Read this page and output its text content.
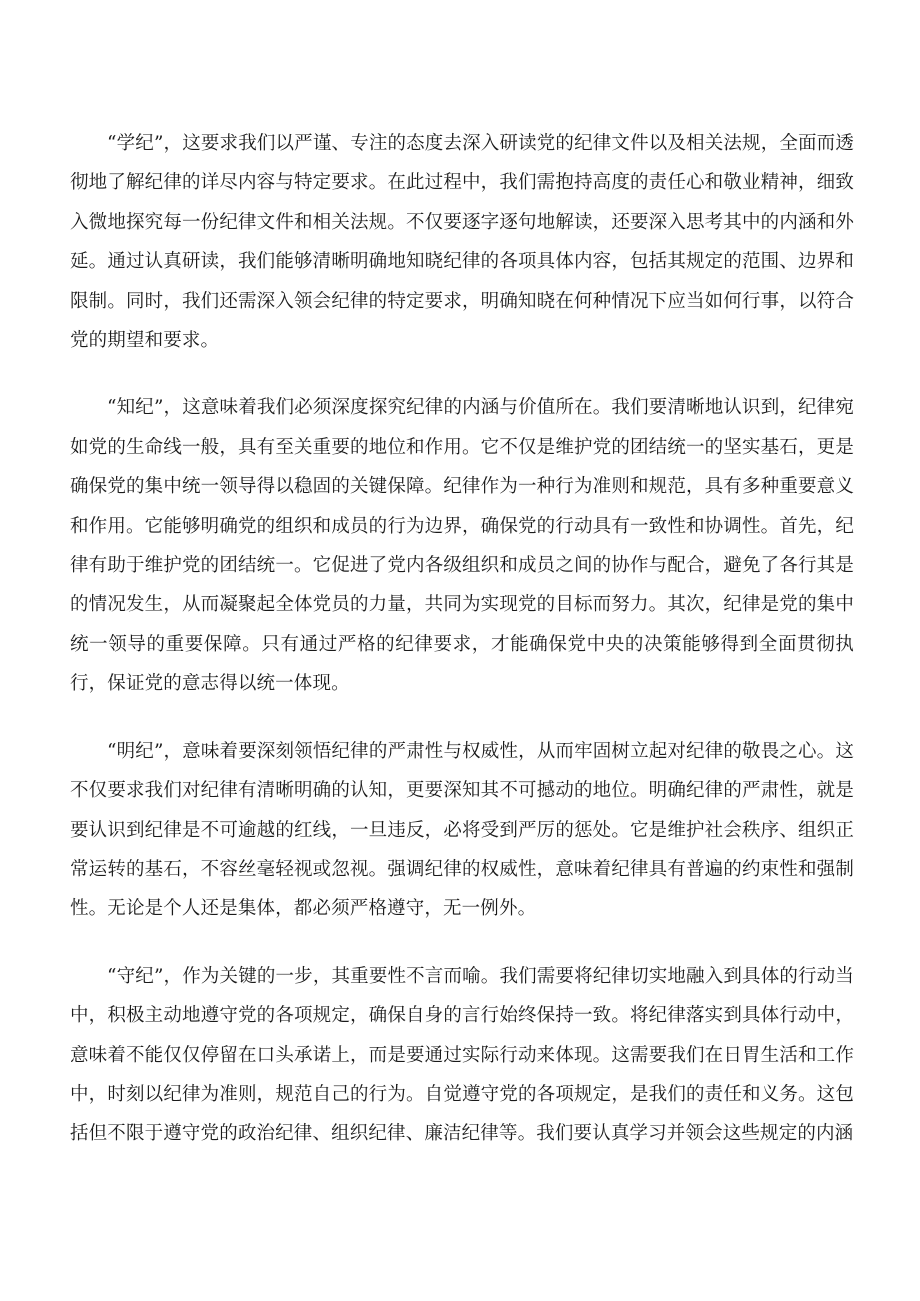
“学纪”，这要求我们以严谨、专注的态度去深入研读党的纪律文件以及相关法规，全面而透彻地了解纪律的详尽内容与特定要求。在此过程中，我们需抱持高度的责任心和敬业精神，细致入微地探究每一份纪律文件和相关法规。不仅要逐字逐句地解读，还要深入思考其中的内涵和外延。通过认真研读，我们能够清晰明确地知晓纪律的各项具体内容，包括其规定的范围、边界和限制。同时，我们还需深入领会纪律的特定要求，明确知晓在何种情况下应当如何行事，以符合党的期望和要求。

“知纪”，这意味着我们必须深度探究纪律的内涵与价值所在。我们要清晰地认识到，纪律宛如党的生命线一般，具有至关重要的地位和作用。它不仅是维护党的团结统一的坚实基石，更是确保党的集中统一领导得以稳固的关键保障。纪律作为一种行为准则和规范，具有多种重要意义和作用。它能够明确党的组织和成员的行为边界，确保党的行动具有一致性和协调性。首先，纪律有助于维护党的团结统一。它促进了党内各级组织和成员之间的协作与配合，避免了各行其是的情况发生，从而凝聚起全体党员的力量，共同为实现党的目标而努力。其次，纪律是党的集中统一领导的重要保障。只有通过严格的纪律要求，才能确保党中央的决策能够得到全面贯彻执行，保证党的意志得以统一体现。

“明纪”，意味着要深刻领悟纪律的严肃性与权威性，从而牢固树立起对纪律的敬畏之心。这不仅要求我们对纪律有清晰明确的认知，更要深知其不可撼动的地位。明确纪律的严肃性，就是要认识到纪律是不可逾越的红线，一旦违反，必将受到严厉的惩处。它是维护社会秩序、组织正常运转的基石，不容丝毫轻视或忽视。强调纪律的权威性，意味着纪律具有普遍的约束性和强制性。无论是个人还是集体，都必须严格遵守，无一例外。

“守纪”，作为关键的一步，其重要性不言而喻。我们需要将纪律切实地融入到具体的行动当中，积极主动地遵守党的各项规定，确保自身的言行始终保持一致。将纪律落实到具体行动中，意味着不能仅仅停留在口头承诺上，而是要通过实际行动来体现。这需要我们在日胃生活和工作中，时刻以纪律为准则，规范自己的行为。自觉遵守党的各项规定，是我们的责任和义务。这包括但不限于遵守党的政治纪律、组织纪律、廉洁纪律等。我们要认真学习并领会这些规定的内涵
